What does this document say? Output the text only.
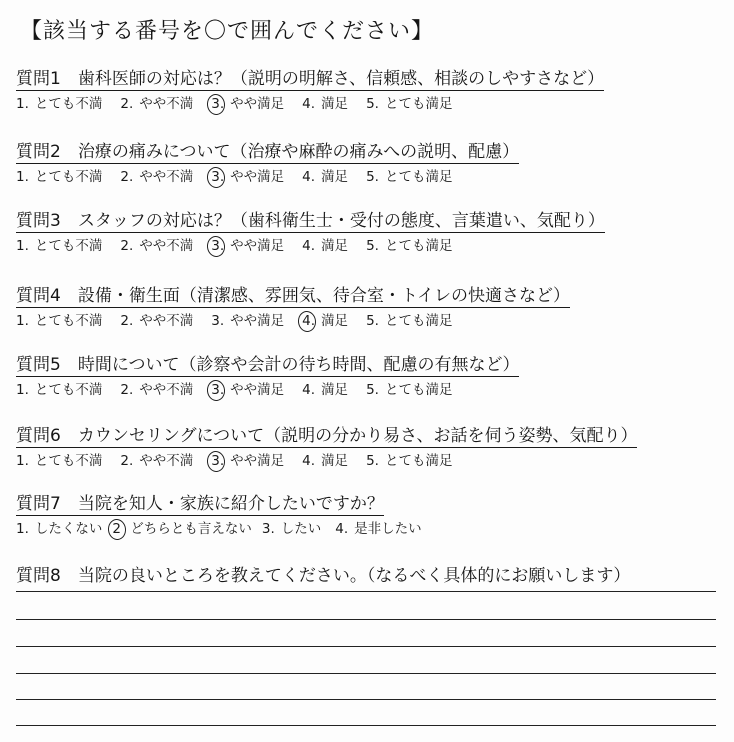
【該当する番号を〇で囲んでください】
質問1　歯科医師の対応は？（説明の明解さ、信頼感、相談のしやすさなど）
1. とても不満 2. やや不満 3. やや満足 4. 満足 5. とても満足
質問2　治療の痛みについて（治療や麻酔の痛みへの説明、配慮）
1. とても不満 2. やや不満 3. やや満足 4. 満足 5. とても満足
質問3　スタッフの対応は？（歯科衛生士・受付の態度、言葉遣い、気配り）
1. とても不満 2. やや不満 3. やや満足 4. 満足 5. とても満足
質問4　設備・衛生面（清潔感、雰囲気、待合室・トイレの快適さなど）
1. とても不満 2. やや不満 3. やや満足 4. 満足 5. とても満足
質問5　時間について（診察や会計の待ち時間、配慮の有無など）
1. とても不満 2. やや不満 3. やや満足 4. 満足 5. とても満足
質問6　カウンセリングについて（説明の分かり易さ、お話を伺う姿勢、気配り）
1. とても不満 2. やや不満 3. やや満足 4. 満足 5. とても満足
質問7　当院を知人・家族に紹介したいですか？
1. したくない 2 どちらとも言えない 3. したい 4. 是非したい
質問8　当院の良いところを教えてください。（なるべく具体的にお願いします）
